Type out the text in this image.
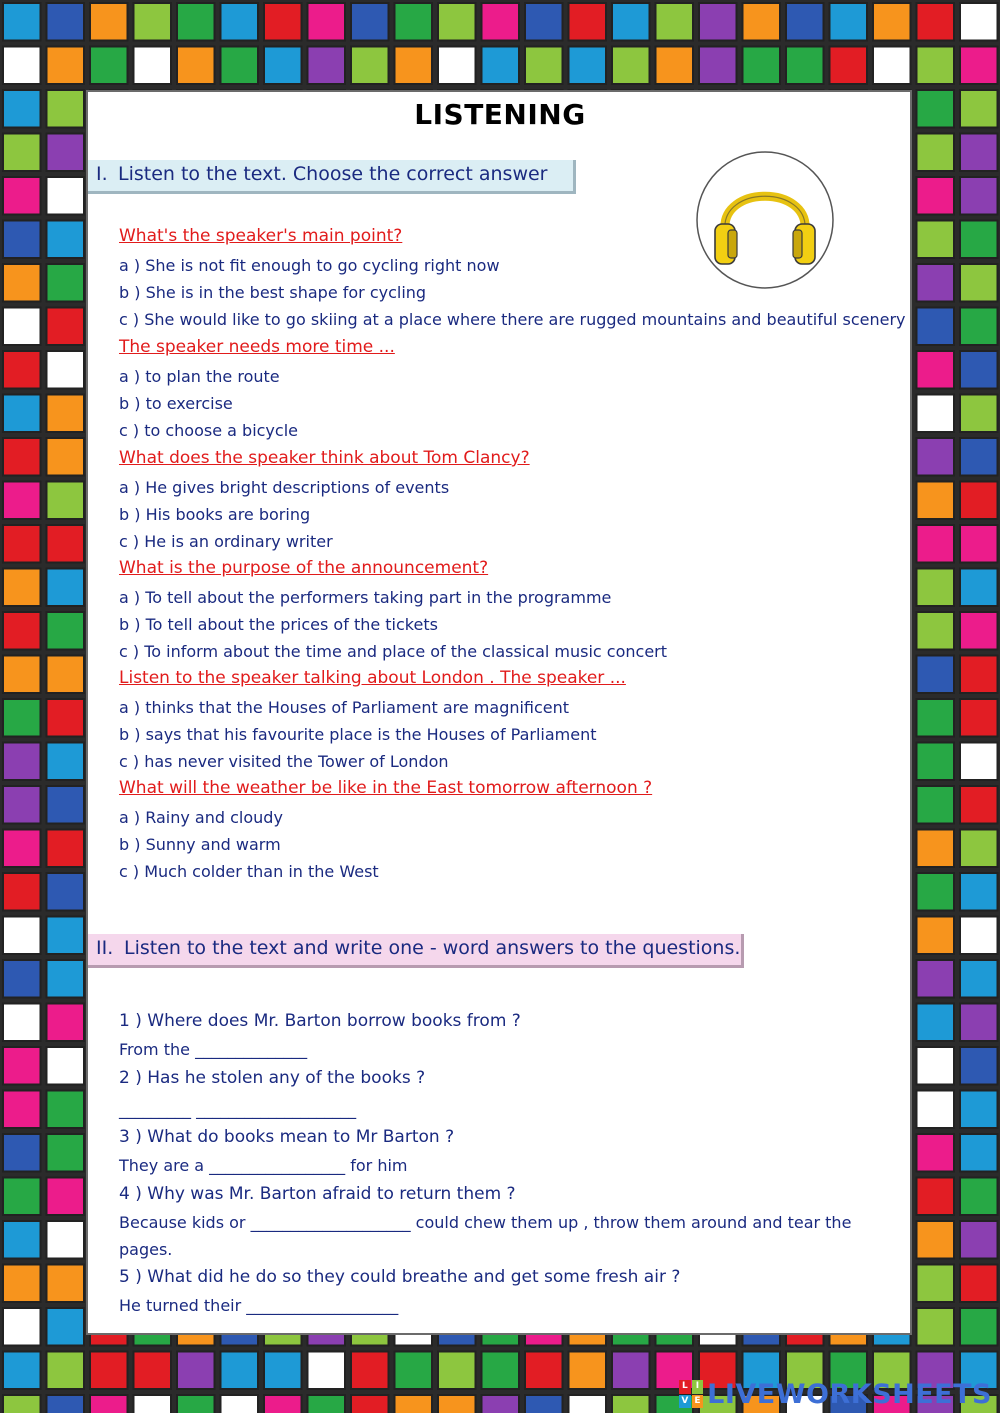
LISTENING
I. Listen to the text. Choose the correct answer
What's the speaker's main point?
a ) She is not fit enough to go cycling right now
b ) She is in the best shape for cycling
c ) She would like to go skiing at a place where there are rugged mountains and beautiful scenery
The speaker needs more time ...
a ) to plan the route
b ) to exercise
c ) to choose a bicycle
What does the speaker think about Tom Clancy?
a ) He gives bright descriptions of events
b ) His books are boring
c ) He is an ordinary writer
What is the purpose of the announcement?
a ) To tell about the performers taking part in the programme
b ) To tell about the prices of the tickets
c ) To inform about the time and place of the classical music concert
Listen to the speaker talking about London . The speaker ...
a ) thinks that the Houses of Parliament are magnificent
b ) says that his favourite place is the Houses of Parliament
c ) has never visited the Tower of London
What will the weather be like in the East tomorrow afternoon ?
a ) Rainy and cloudy
b ) Sunny and warm
c ) Much colder than in the West
II. Listen to the text and write one - word answers to the questions.
1 ) Where does Mr. Barton borrow books from ?
From the ______________
2 ) Has he stolen any of the books ?
_________ ____________________
3 ) What do books mean to Mr Barton ?
They are a _________________ for him
4 ) Why was Mr. Barton afraid to return them ?
Because kids or ____________________ could chew them up , throw them around and tear the
pages.
5 ) What did he do so they could breathe and get some fresh air ?
He turned their ___________________
L I
V E LIVEWORKSHEETS
